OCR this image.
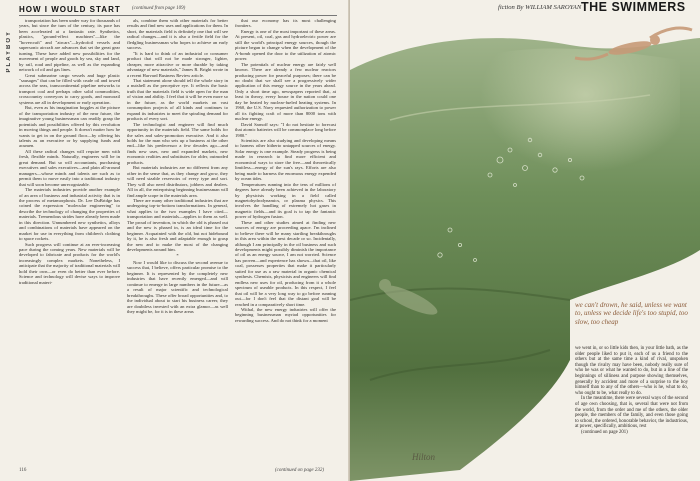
PLAYBOY
HOW I WOULD START (continued from page 109)

transportation has been under way for thousands of years, but since the turn of the century, its pace has been accelerated at a fantastic rate. Synthetics, plastics, "ground-effect machines"—like the "hovercraft" and "aircars"—hydrofoil vessels and supersonic aircraft are advances that set the great gear turning. These have added new possibilities for the movement of people and goods by sea, sky and land, by rail, road and pipeline, as well as the expanding network of oil and gas lines.

Great submarine cargo vessels and huge plastic "sausages" that can be filled with crude oil and towed across the seas, transcontinental pipeline networks to transport coal and perhaps other solid commodities, crosscountry conveyors to carry goods, and monorail systems are all in development or early operation.

But, even as his imagination boggles at the picture of the transportation industry of the near future, the imaginative young businessman can readily grasp the potentials and possibilities offered by this revolution in moving things and people. It doesn't matter how he wants to get in on the ground floor—by offering his talents as an executive or by supplying funds and acumen.

All these radical changes will require men with fresh, flexible minds. Naturally, engineers will be in great demand. But so will accountants, purchasing executives and sales executives—and plain all-around managers—whose minds and talents are such as to permit them to move easily into a traditional industry that will soon become unrecognizable.

The materials industries provide another example of an area of business and industrial activity that is in the process of metamorphosis. Dr. Lee DuBridge has coined the expression "molecular engineering" to describe the technology of changing the properties of materials. Tremendous strides have already been made in this direction. Unnumbered new synthetics, alloys and combinations of materials have appeared on the market for use in everything from children's clothing to space rockets.

Such progress will continue at an ever-increasing pace during the coming years. New materials will be developed to fabricate and products for the world's increasingly complex markets. Nonetheless, I anticipate that the majority of traditional materials will hold their own—or even do better than ever before. Science and technology will devise ways to improve traditional materi-

als, combine them with other materials for better results and find new uses and applications for them. In short, the materials field is definitely one that will see radical changes—and it is also a fertile field for the fledgling businessman who hopes to achieve an early success.

"It is hard to think of an industrial or consumer product that will not be made stronger, lighter, cheaper, more attractive or more durable by taking advantage of new materials," James R. Bright wrote in a recent Harvard Business Review article.

That statement alone should tell the whole story in a nutshell as the perceptive eye. It reflects the basic truth that the materials field is wide open for the man of vision and ability. I feel that it will be even more so in the future, as the world markets on vast consumption projects of all kinds and continues to expand its industries to meet the spiraling demand for products of every sort.

The technologist and engineer will find much opportunity in the materials field. The same holds for the sales and sales-promotion executive. And it also holds for the man who sets up a business at the other end—like his predecessor a few decades ago—and finds new uses, new and expanded markets, new economic realities and substitutes for older, outmoded products.

But materials industries are no different from any other in the sense that, as they change and grow, they will need sizable reservoirs of every type and sort. They will also need distributors, jobbers and dealers. All in all, the enterprising beginning businessman will find ample scope in the materials area.

There are many other traditional industries that are undergoing top-to-bottom transformations. In general, what applies to the two examples I have cited—transportation and materials—applies to them as well. The proud of invention, in which the old is phased out and the new is phased in, is an ideal time for the beginner. Acquainted with the old, but not hidebound by it, he is also fresh and adaptable enough to grasp the new and to make the most of the changing developments around him.

*

Now I would like to discuss the second avenue to success that, I believe, offers particular promise to the beginner. It is represented by the completely new industries that have recently emerged—and will continue to emerge in large numbers in the future—as a result of major scientific and technological breakthroughs. These offer broad opportunities and, to the individual about to start his business career, they are doubtless invested with an extra glamor—as well they might be, for it is in these areas

that our economy has its most challenging frontiers.

Energy is one of the most important of these areas. At present, oil, coal, gas and hydroelectric power are still the world's principal energy sources, though the picture began to change when the development of the A-bomb opened the door to the utilization of atomic power.

The potentials of nuclear energy are fairly well known. There are already a few nuclear reactors producing power for peaceful purposes; there can be no doubt that we shall see a progressively wider application of this energy source in the years ahead. Only a short time ago, newspapers reported that, at least in theory, every house in the nation could one day be heated by nuclear-fueled heating systems. In 1960, the U.S. Navy requested authorization to power all its fighting craft of more than 8000 tons with nuclear energy.

David Sarnoff says: "I do not hesitate to forecast that atomic batteries will be commonplace long before 1980."

Scientists are also studying and developing means to harness other hitherto untapped sources of energy. Solar energy is one example. Steady progress is being made in research to find more efficient and economical ways to store the free—and theoretically limitless—energy of the sun's rays. Efforts are also being made to harness the enormous energy expended by ocean tides.

Temperatures running into the tens of millions of degrees have already been achieved in the laboratory by physicists working in a field called magnetohydrodynamics, or plasma physics. This involves the handling of extremely hot gases in magnetic fields—and its goal is to tap the fantastic power of hydrogen fusion.

These and other studies aimed at finding new sources of energy are proceeding apace. I'm inclined to believe there will be many startling breakthroughs in this area within the next decade or so. Incidentally, although I am principally in the oil business and such developments might possibly diminish the importance of oil as an energy source, I am not worried. Science has proven—and experience has shown—that oil, like coal, possesses properties that make it particularly suited for use as a raw material in organic chemical synthesis. Chemists, physicists and engineers will find endless new uses for oil, producing from it a whole spectrum of useable products. In this respect, I feel that oil will be a very long way to go before running out—for I don't feel that the distant goal will be reached in a comparatively short time.

Withal, the new energy industries will offer the beginning businessman myriad opportunities for rewarding success. And do not think for a moment

116	(continued on page 232)
fiction By WILLIAM SAROYAN THE SWIMMERS
we can't drown, he said, unless we want to, unless we decide life's too stupid, too slow, too cheap

we went in, or so little kids then, in your little bath, as the older people liked to put it, each of us a friend to the others but at the same time a kind of rival, unspoken though the rivalry may have been, nobody really sure of who he was or what he wanted to do, but in a line of the beginnings of silliness and purpose showing themselves, generally by accident and more of a surprise to the boy himself than to any of the others—who is he, what to do, who ought to be, what really to do.

In the meantime, there were several ways of the second of age own choosing, that is, several that were not from the world, from the order and me of the others, the older people, the members of the family, and even those going to school, the ordered, honorable behavior, the industrious, at power, specifically, ambitious, rest

(continued on page 201)

Hilton
